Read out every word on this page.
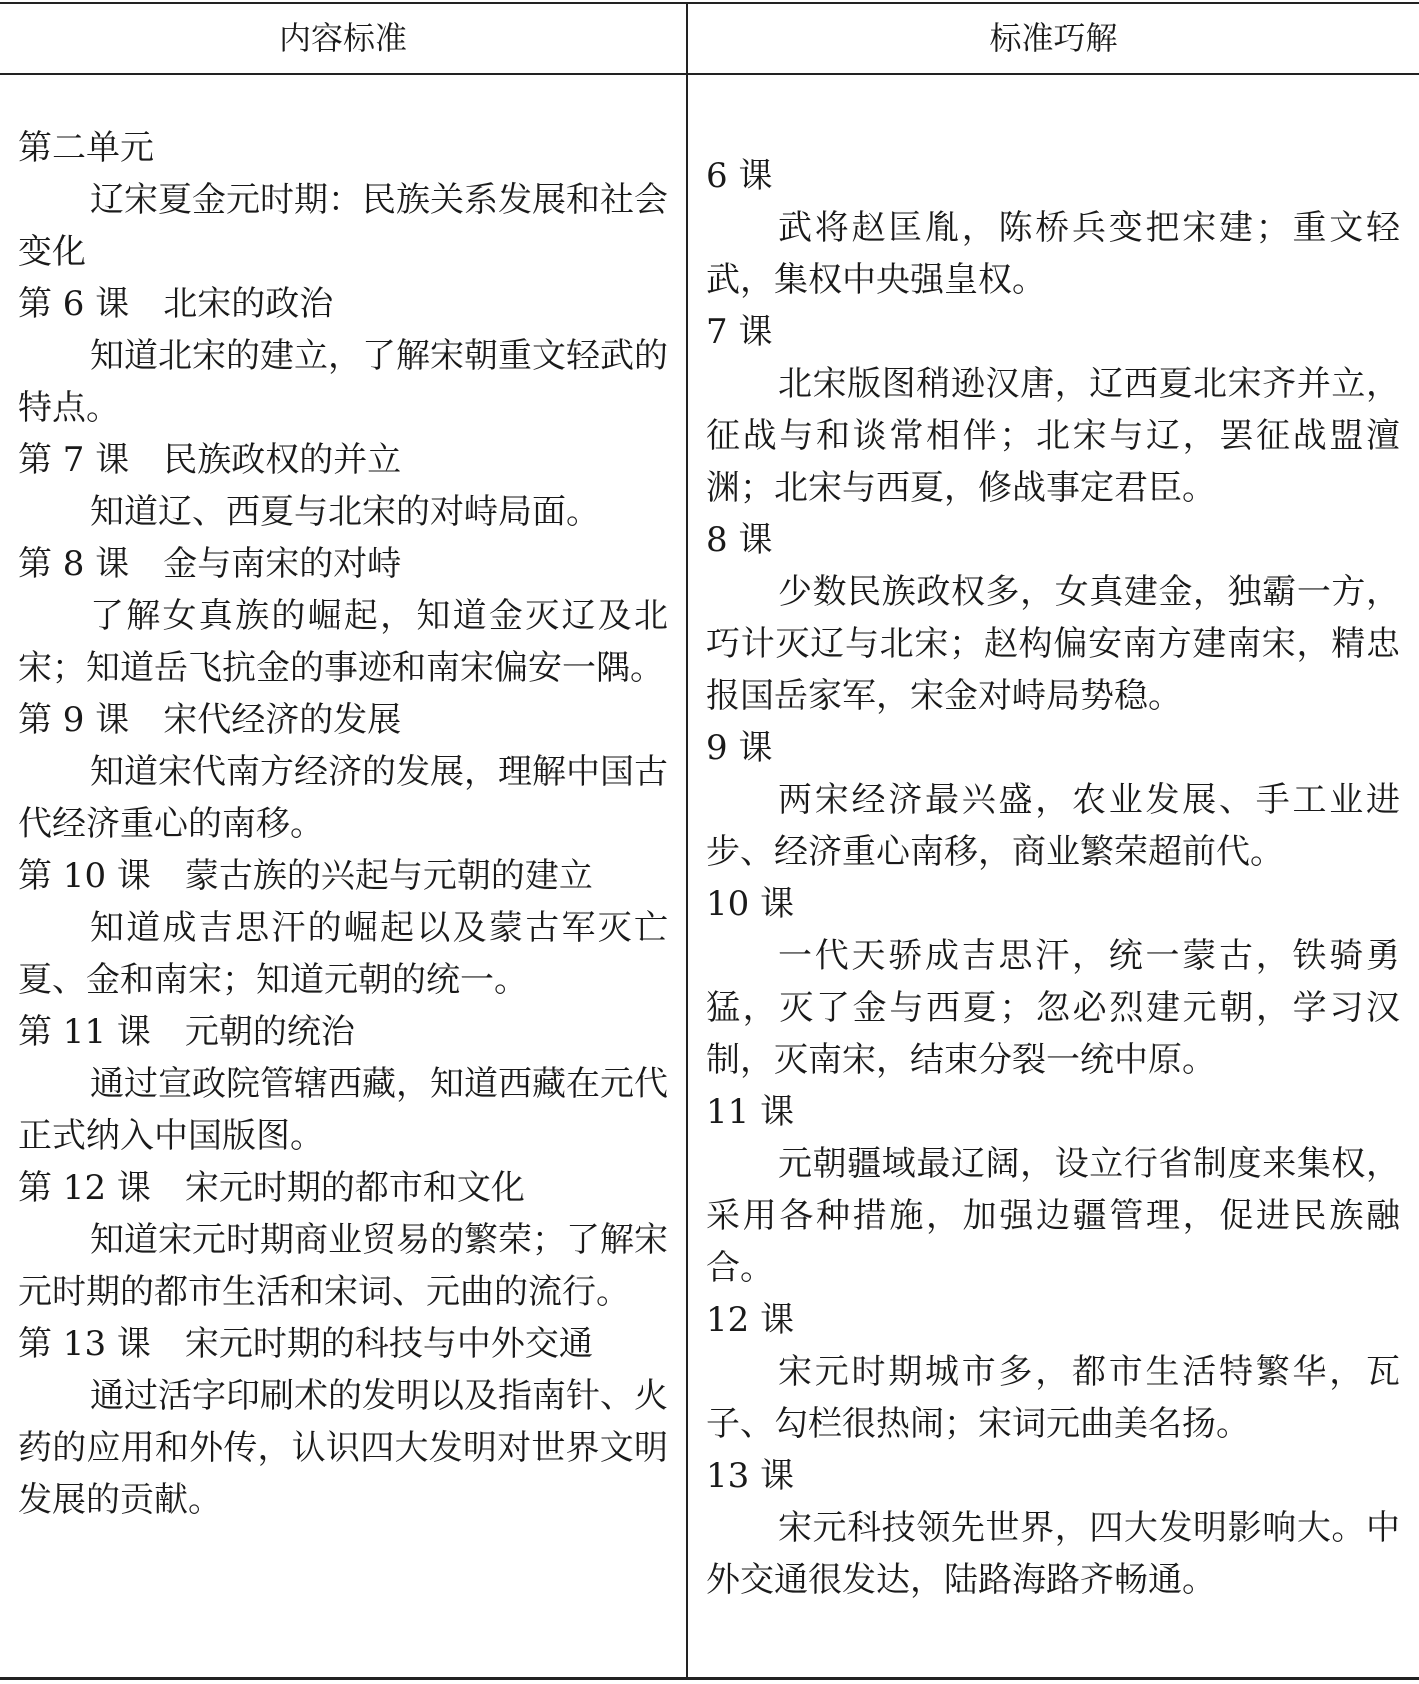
内容标准	标准巧解
第二单元
辽宋夏金元时期：民族关系发展和社会变化
第 6 课　北宋的政治
知道北宋的建立，了解宋朝重文轻武的特点。
第 7 课　民族政权的并立
知道辽、西夏与北宋的对峙局面。
第 8 课　金与南宋的对峙
了解女真族的崛起，知道金灭辽及北宋；知道岳飞抗金的事迹和南宋偏安一隅。
第 9 课　宋代经济的发展
知道宋代南方经济的发展，理解中国古代经济重心的南移。
第 10 课　蒙古族的兴起与元朝的建立
知道成吉思汗的崛起以及蒙古军灭亡夏、金和南宋；知道元朝的统一。
第 11 课　元朝的统治
通过宣政院管辖西藏，知道西藏在元代正式纳入中国版图。
第 12 课　宋元时期的都市和文化
知道宋元时期商业贸易的繁荣；了解宋元时期的都市生活和宋词、元曲的流行。
第 13 课　宋元时期的科技与中外交通
通过活字印刷术的发明以及指南针、火药的应用和外传，认识四大发明对世界文明发展的贡献。
6 课
武将赵匡胤，陈桥兵变把宋建；重文轻武，集权中央强皇权。
7 课
北宋版图稍逊汉唐，辽西夏北宋齐并立，征战与和谈常相伴；北宋与辽，罢征战盟澶渊；北宋与西夏，修战事定君臣。
8 课
少数民族政权多，女真建金，独霸一方，巧计灭辽与北宋；赵构偏安南方建南宋，精忠报国岳家军，宋金对峙局势稳。
9 课
两宋经济最兴盛，农业发展、手工业进步、经济重心南移，商业繁荣超前代。
10 课
一代天骄成吉思汗，统一蒙古，铁骑勇猛，灭了金与西夏；忽必烈建元朝，学习汉制，灭南宋，结束分裂一统中原。
11 课
元朝疆域最辽阔，设立行省制度来集权，采用各种措施，加强边疆管理，促进民族融合。
12 课
宋元时期城市多，都市生活特繁华，瓦子、勾栏很热闹；宋词元曲美名扬。
13 课
宋元科技领先世界，四大发明影响大。中外交通很发达，陆路海路齐畅通。
